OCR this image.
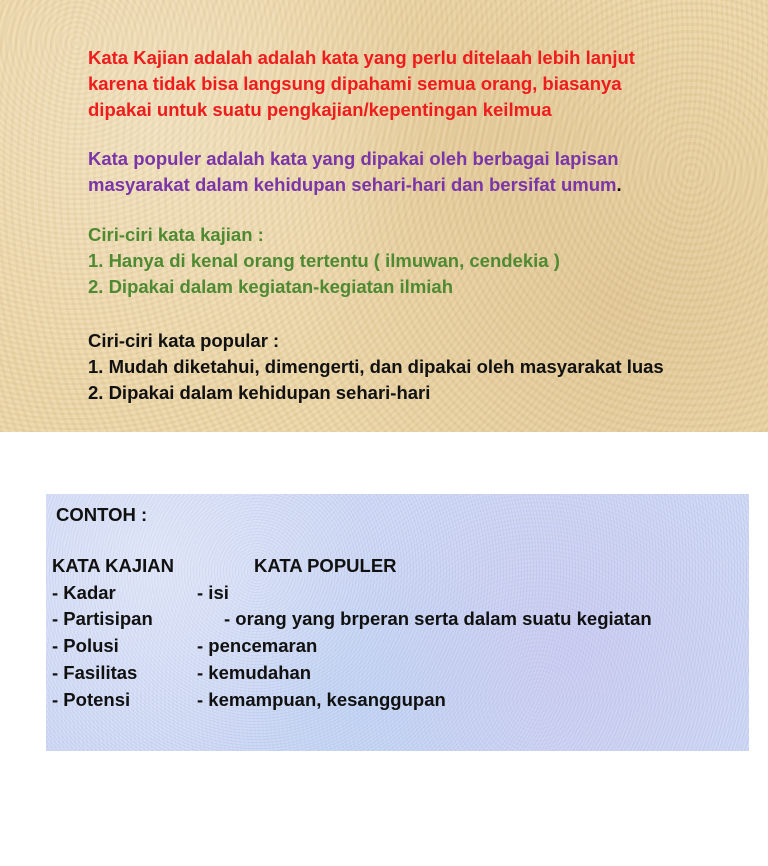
Kata Kajian adalah adalah kata yang perlu ditelaah lebih lanjut
karena tidak bisa langsung dipahami semua orang, biasanya
dipakai untuk suatu pengkajian/kepentingan keilmua

Kata populer adalah kata yang dipakai oleh berbagai lapisan
masyarakat dalam kehidupan sehari-hari dan bersifat umum.

Ciri-ciri kata kajian :
1. Hanya di kenal orang tertentu ( ilmuwan, cendekia )
2. Dipakai dalam kegiatan-kegiatan ilmiah

Ciri-ciri kata popular :
1. Mudah diketahui, dimengerti, dan dipakai oleh masyarakat luas
2. Dipakai dalam kehidupan sehari-hari

CONTOH :

KATA KAJIAN	KATA POPULER

- Kadar	- isi

- Partisipan	- orang yang brperan serta dalam suatu kegiatan

- Polusi	- pencemaran

- Fasilitas	- kemudahan

- Potensi	- kemampuan, kesanggupan
